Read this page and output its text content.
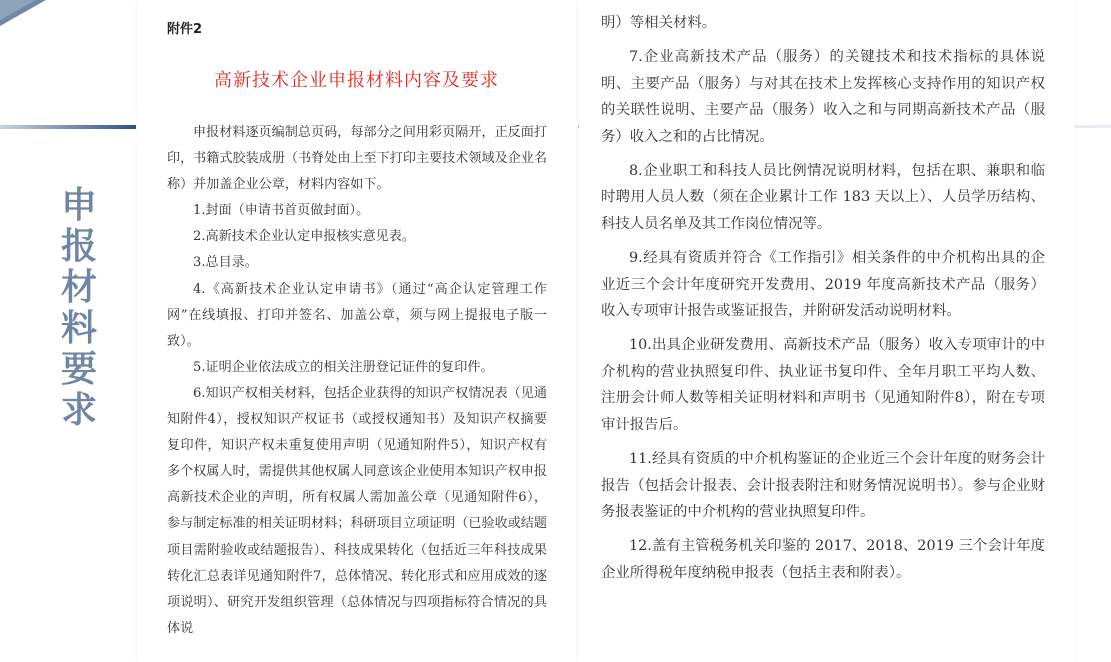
申
报
材
料
要
求
附件2
高新技术企业申报材料内容及要求

申报材料逐页编制总页码，每部分之间用彩页隔开，正反面打印，书籍式胶装成册（书脊处由上至下打印主要技术领域及企业名称）并加盖企业公章，材料内容如下。

1.封面（申请书首页做封面）。

2.高新技术企业认定申报核实意见表。

3.总目录。

4.《高新技术企业认定申请书》（通过“高企认定管理工作网”在线填报、打印并签名、加盖公章，须与网上提报电子版一致）。

5.证明企业依法成立的相关注册登记证件的复印件。

6.知识产权相关材料，包括企业获得的知识产权情况表（见通知附件4），授权知识产权证书（或授权通知书）及知识产权摘要复印件，知识产权未重复使用声明（见通知附件5），知识产权有多个权属人时，需提供其他权属人同意该企业使用本知识产权申报高新技术企业的声明，所有权属人需加盖公章（见通知附件6），参与制定标准的相关证明材料；科研项目立项证明（已验收或结题项目需附验收或结题报告）、科技成果转化（包括近三年科技成果转化汇总表详见通知附件7，总体情况、转化形式和应用成效的逐项说明）、研究开发组织管理（总体情况与四项指标符合情况的具体说

明）等相关材料。

7.企业高新技术产品（服务）的关键技术和技术指标的具体说明、主要产品（服务）与对其在技术上发挥核心支持作用的知识产权的关联性说明、主要产品（服务）收入之和与同期高新技术产品（服务）收入之和的占比情况。

8.企业职工和科技人员比例情况说明材料，包括在职、兼职和临时聘用人员人数（须在企业累计工作 183 天以上）、人员学历结构、科技人员名单及其工作岗位情况等。

9.经具有资质并符合《工作指引》相关条件的中介机构出具的企业近三个会计年度研究开发费用、2019 年度高新技术产品（服务）收入专项审计报告或鉴证报告，并附研发活动说明材料。

10.出具企业研发费用、高新技术产品（服务）收入专项审计的中介机构的营业执照复印件、执业证书复印件、全年月职工平均人数、注册会计师人数等相关证明材料和声明书（见通知附件8），附在专项审计报告后。

11.经具有资质的中介机构鉴证的企业近三个会计年度的财务会计报告（包括会计报表、会计报表附注和财务情况说明书）。参与企业财务报表鉴证的中介机构的营业执照复印件。

12.盖有主管税务机关印鉴的 2017、2018、2019 三个会计年度企业所得税年度纳税申报表（包括主表和附表）。
